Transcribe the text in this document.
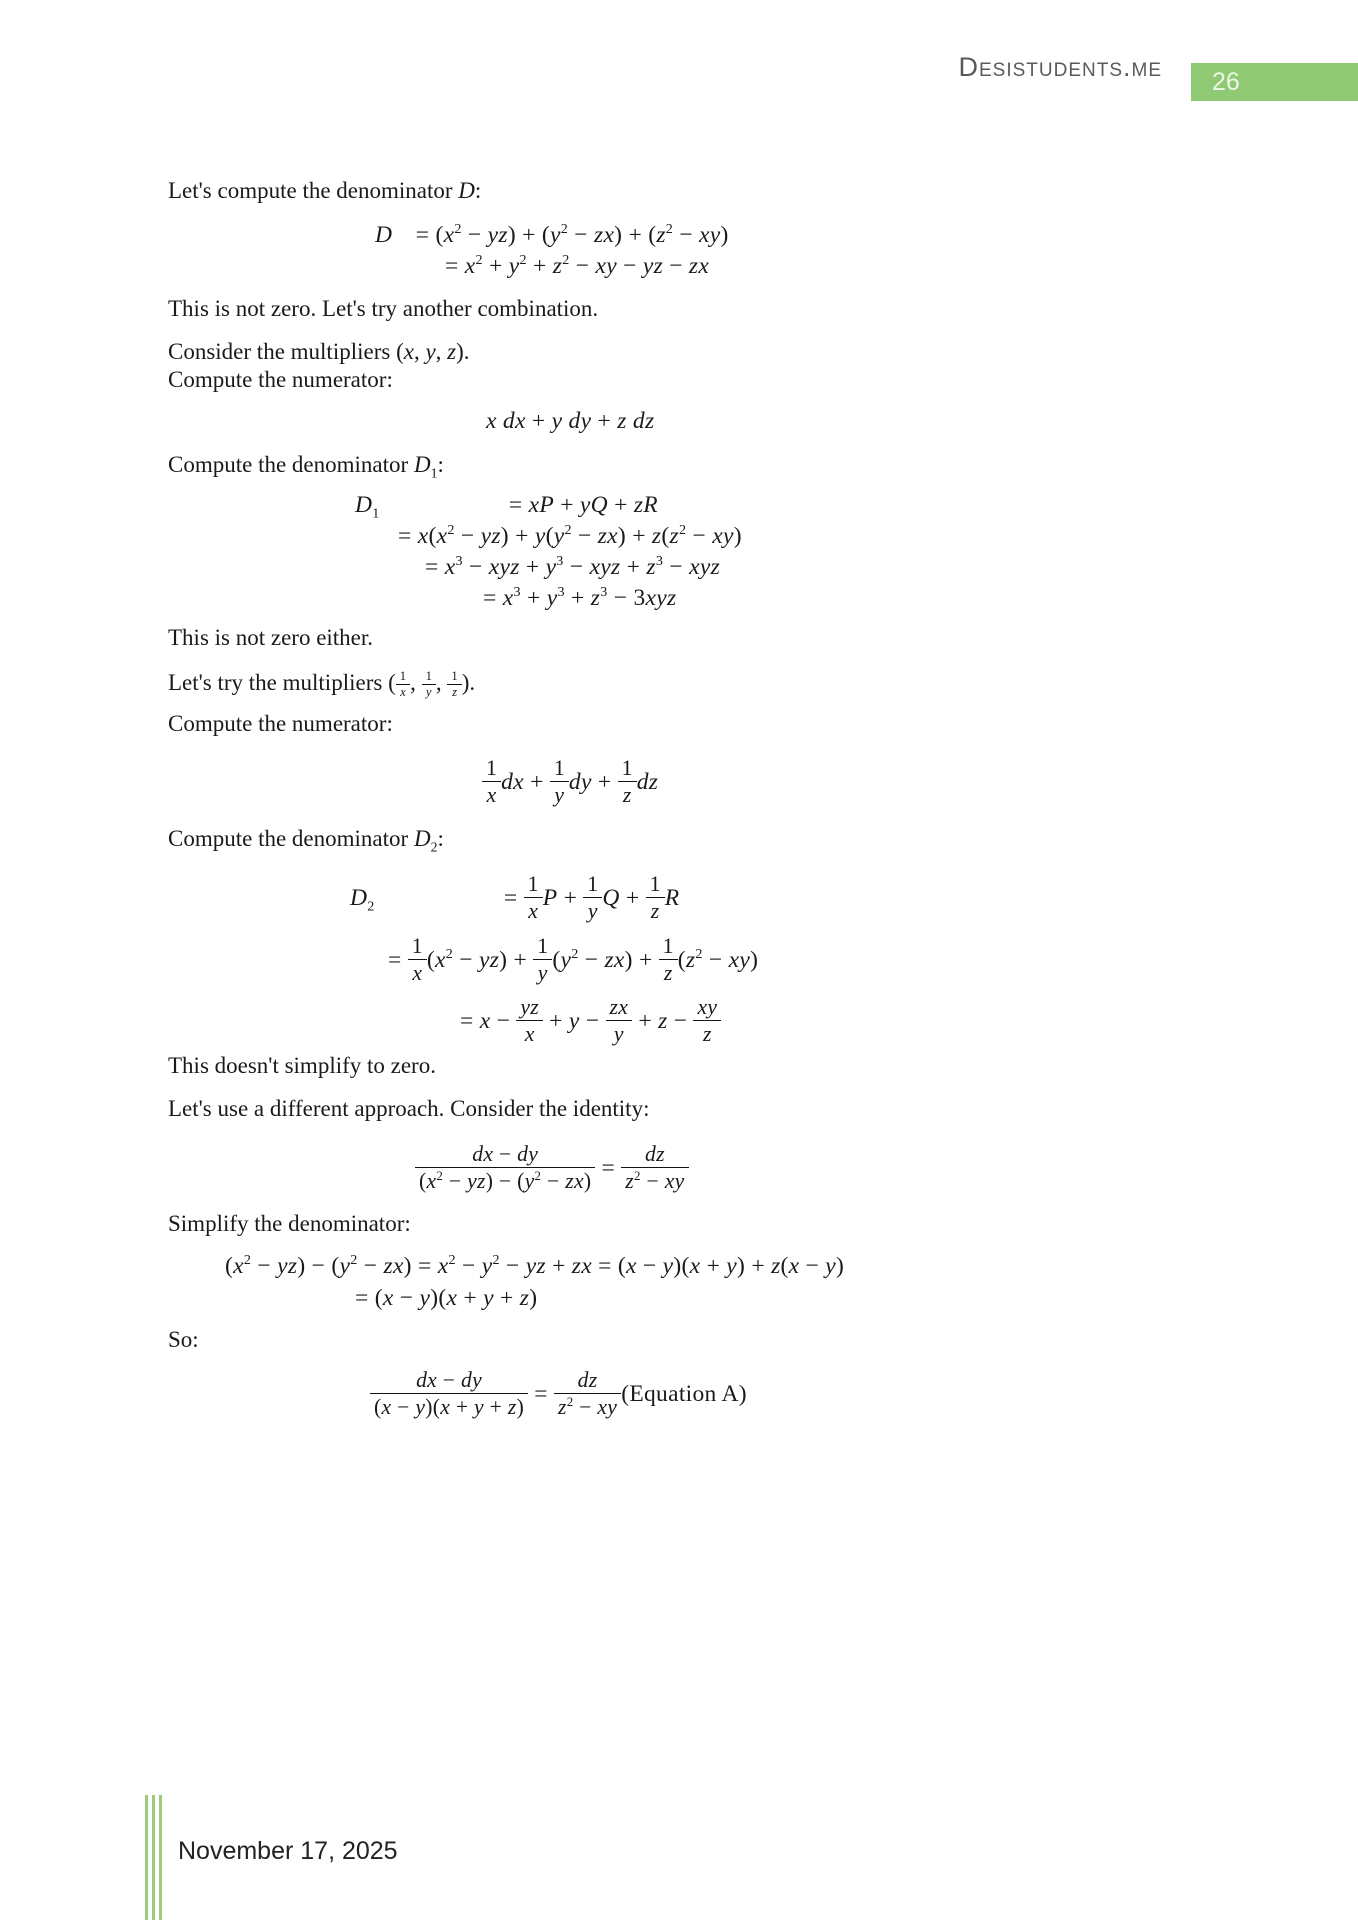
Desistudents.me	26
Let's compute the denominator D:
$D = (x^2 - yz) + (y^2 - zx) + (z^2 - xy)$
= $x^2 + y^2 + z^2$ − xy − yz − zx
This is not zero. Let's try another combination.
Consider the multipliers (x, y, z).
Compute the numerator:
x dx + y dy + z dz
Compute the denominator $D_1$:
$D_1$	= xP + yQ + zR
= $x(x^2 - yz) + y(y^2 - zx) + z(z^2 - xy)$
= $x^3$ − xyz + $y^3$ − xyz + $z^3$ − xyz
= $x^3 + y^3 + z^3 - 3xyz$
This is not zero either.
Let's try the multipliers ( $\frac{1}{x}$ , $\frac{1}{y}$ , $\frac{1}{z}$ ).
Compute the numerator:
$\frac{1}{x}$ dx + $\frac{1}{y}$ dy + $\frac{1}{z}$ dz
Compute the denominator $D_2$:
$D_2$	= $\frac{1}{x}$ $P + \frac{1}{y}$ $Q + \frac{1}{z}$ R
= $\frac{1}{x} (x^2 - yz) + \frac{1}{y} (y^2 - zx) + \frac{1}{z} (z^2 - xy)$
= $x - \frac{yz}{x} + y - \frac{zx}{y} + z - \frac{xy}{z}$
This doesn't simplify to zero.
Let's use a different approach. Consider the identity:
$\frac{dx - dy}{(x^2 - yz) - (y^2 - zx)} = \frac{dz}{z^2 - xy}$
Simplify the denominator:
$(x^2 - yz) - (y^2 - zx) = x^2 - y^2$ − yz + zx = (x − y)(x + y) + z(x − y)
= (x − y)(x + y + z)
So:
$\frac{dx - dy}{(x - y)(x + y + z)} = \frac{dz}{z^2 - xy}$ (Equation A)
November 17, 2025
